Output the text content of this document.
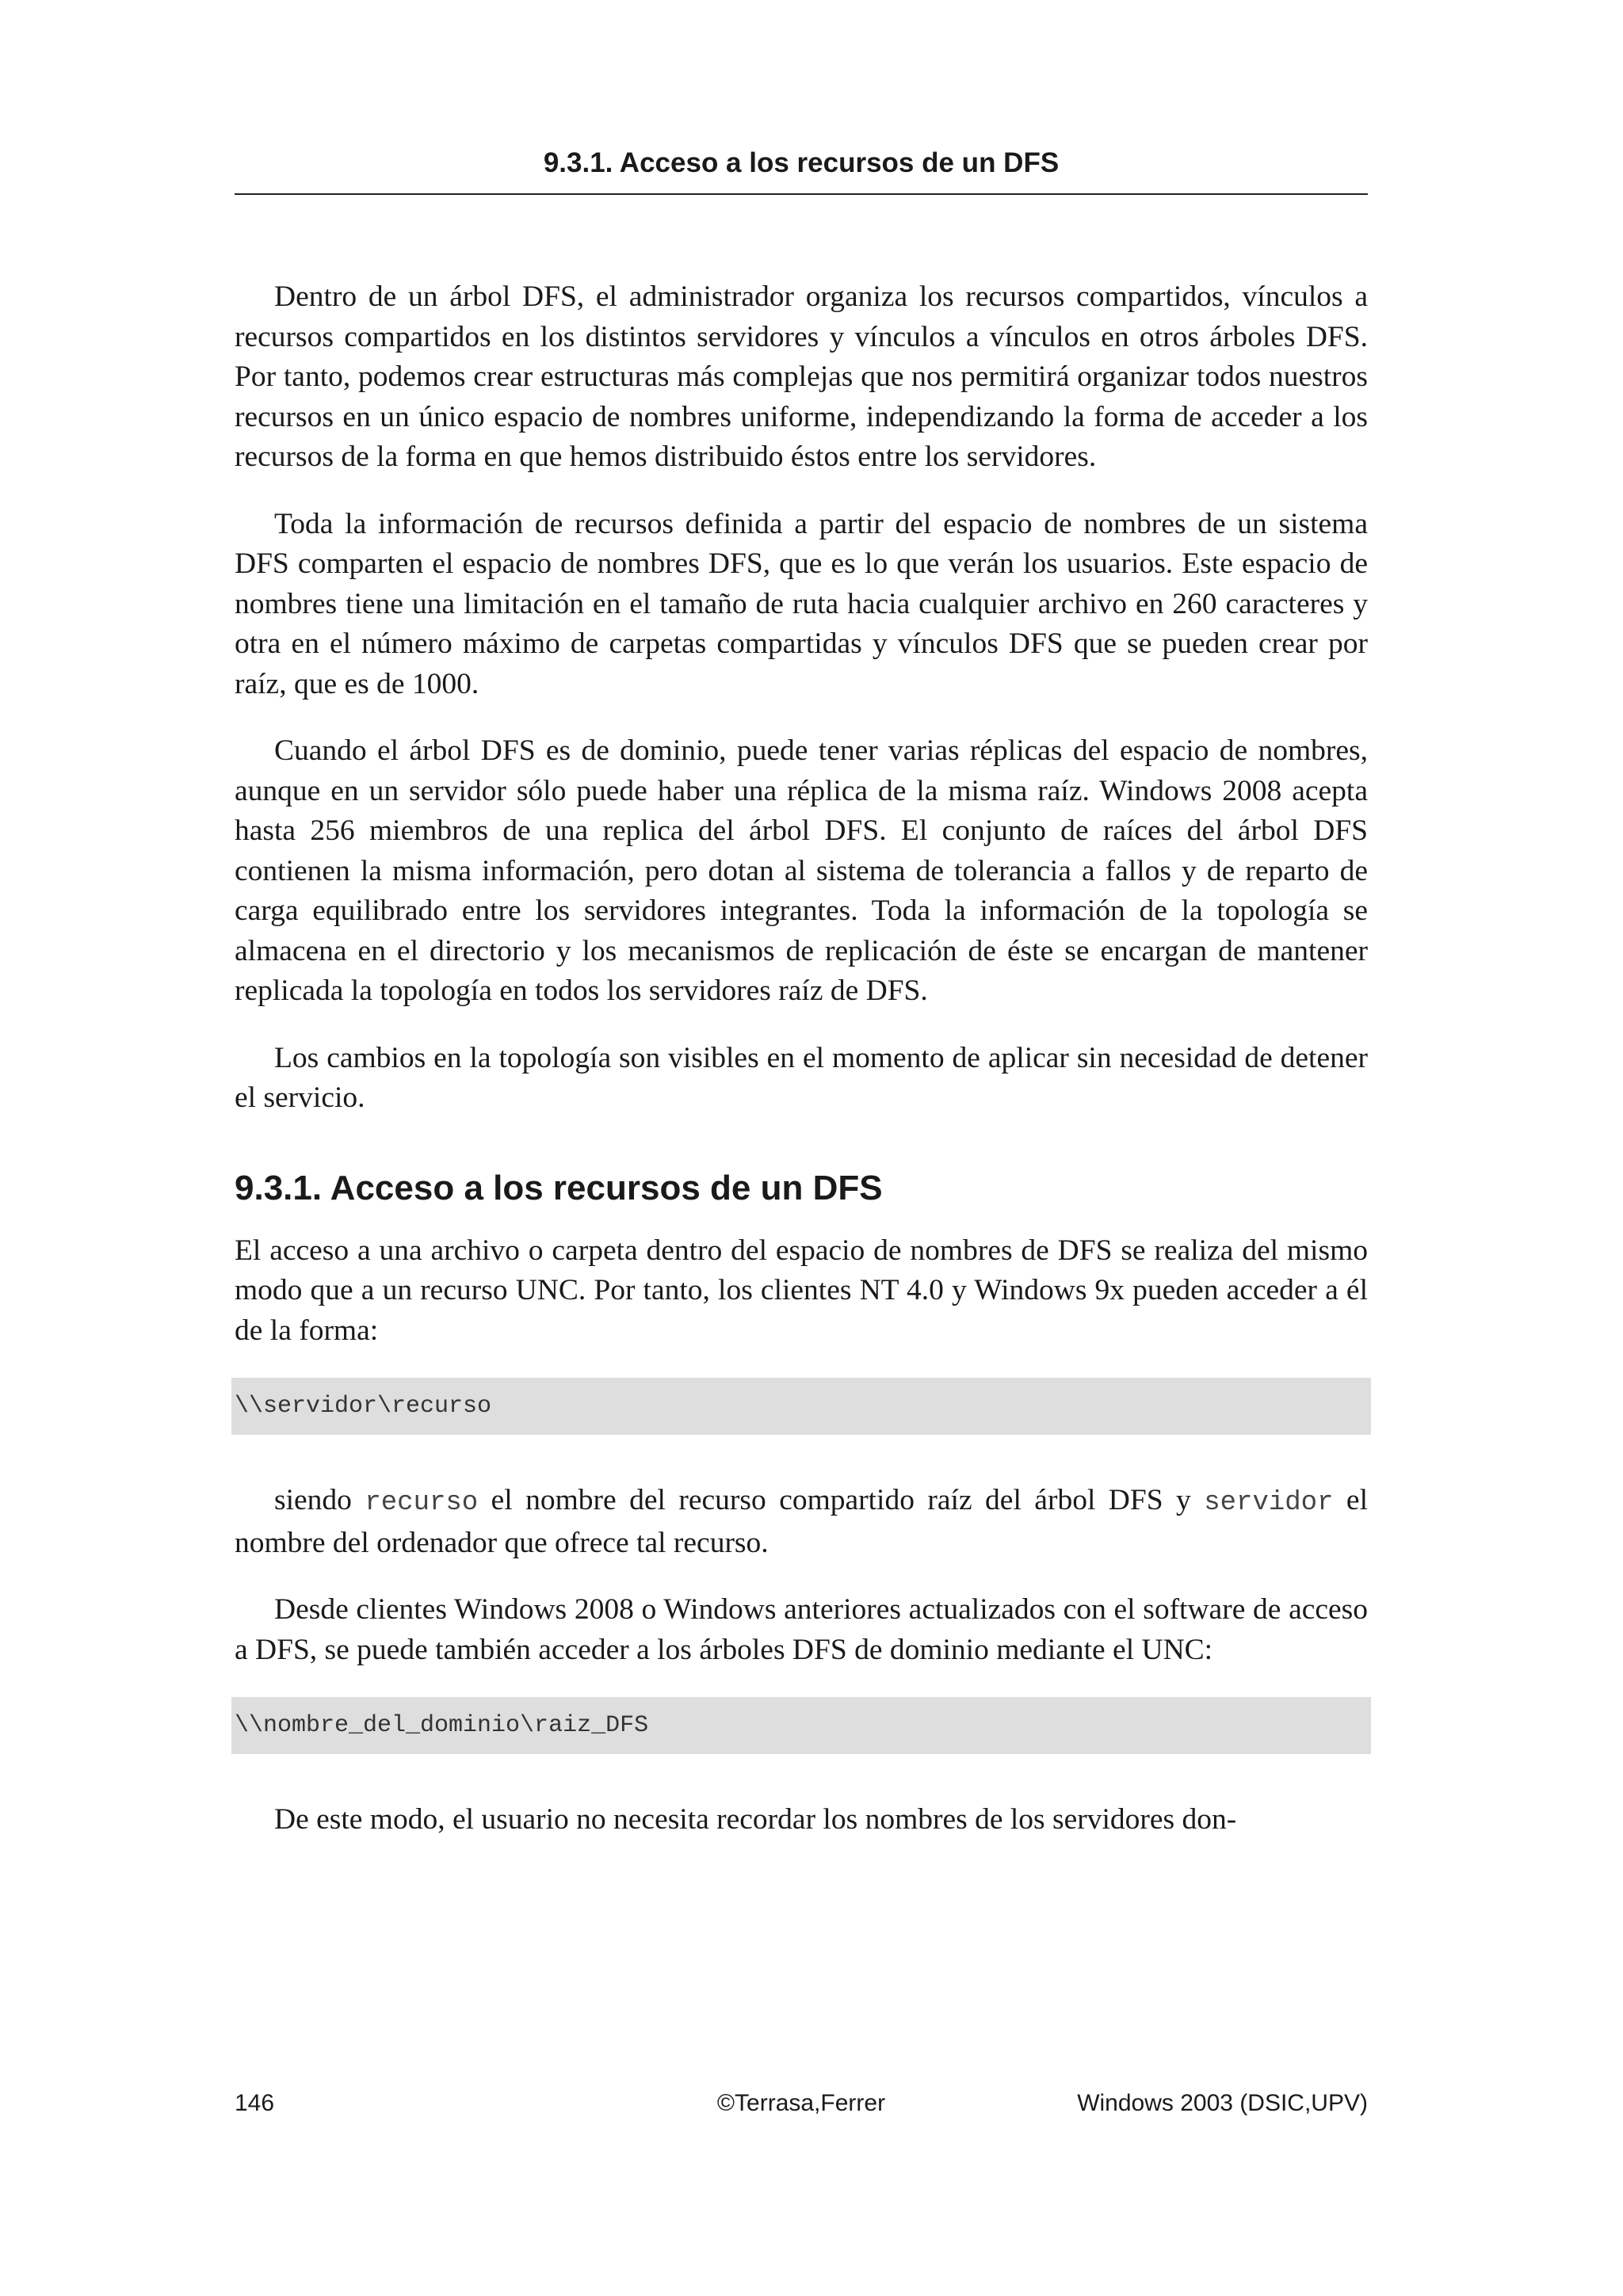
9.3.1. Acceso a los recursos de un DFS

Dentro de un árbol DFS, el administrador organiza los recursos compartidos, vínculos a recursos compartidos en los distintos servidores y vínculos a vínculos en otros árboles DFS. Por tanto, podemos crear estructuras más complejas que nos permitirá organizar todos nuestros recursos en un único espacio de nombres uniforme, independizando la forma de acceder a los recursos de la forma en que hemos distribuido éstos entre los servidores.

Toda la información de recursos definida a partir del espacio de nombres de un sistema DFS comparten el espacio de nombres DFS, que es lo que verán los usuarios. Este espacio de nombres tiene una limitación en el tamaño de ruta hacia cualquier archivo en 260 caracteres y otra en el número máximo de carpetas compartidas y vínculos DFS que se pueden crear por raíz, que es de 1000.

Cuando el árbol DFS es de dominio, puede tener varias réplicas del espacio de nombres, aunque en un servidor sólo puede haber una réplica de la misma raíz. Windows 2008 acepta hasta 256 miembros de una replica del árbol DFS. El conjunto de raíces del árbol DFS contienen la misma información, pero dotan al sistema de tolerancia a fallos y de reparto de carga equilibrado entre los servidores integrantes. Toda la información de la topología se almacena en el directorio y los mecanismos de replicación de éste se encargan de mantener replicada la topología en todos los servidores raíz de DFS.

Los cambios en la topología son visibles en el momento de aplicar sin necesidad de detener el servicio.

9.3.1. Acceso a los recursos de un DFS

El acceso a una archivo o carpeta dentro del espacio de nombres de DFS se realiza del mismo modo que a un recurso UNC. Por tanto, los clientes NT 4.0 y Windows 9x pueden acceder a él de la forma:

\\servidor\recurso

siendo recurso el nombre del recurso compartido raíz del árbol DFS y servidor el nombre del ordenador que ofrece tal recurso.

Desde clientes Windows 2008 o Windows anteriores actualizados con el software de acceso a DFS, se puede también acceder a los árboles DFS de dominio mediante el UNC:

\\nombre_del_dominio\raiz_DFS

De este modo, el usuario no necesita recordar los nombres de los servidores don-

146	©Terrasa,Ferrer	Windows 2003 (DSIC,UPV)
